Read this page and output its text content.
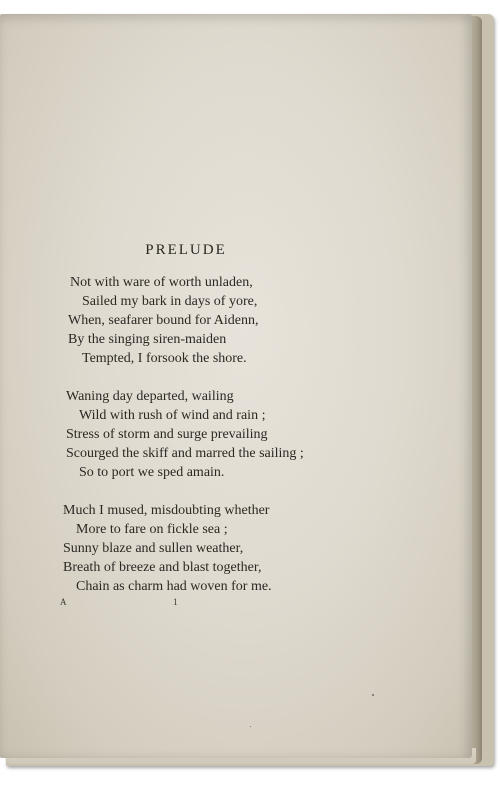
PRELUDE
Not with ware of worth unladen,
Sailed my bark in days of yore,
When, seafarer bound for Aidenn,
By the singing siren-maiden
Tempted, I forsook the shore.
Waning day departed, wailing
Wild with rush of wind and rain ;
Stress of storm and surge prevailing
Scourged the skiff and marred the sailing ;
So to port we sped amain.
Much I mused, misdoubting whether
More to fare on fickle sea ;
Sunny blaze and sullen weather,
Breath of breeze and blast together,
Chain as charm had woven for me.
A	1
